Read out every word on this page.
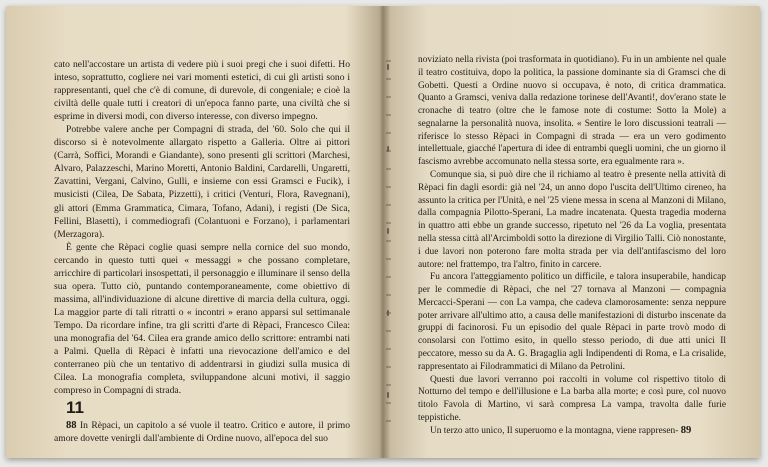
cato nell'accostare un artista di vedere più i suoi pregi che i suoi difetti. Ho inteso, soprattutto, cogliere nei vari momenti estetici, di cui gli artisti sono i rappresentanti, quel che c'è di comune, di durevole, di congeniale; e cioè la civiltà delle quale tutti i creatori di un'epoca fanno parte, una civiltà che si esprime in diversi modi, con diverso interesse, con diverso impegno.

Potrebbe valere anche per Compagni di strada, del '60. Solo che qui il discorso si è notevolmente allargato rispetto a Galleria. Oltre ai pittori (Carrà, Soffici, Morandi e Giandante), sono presenti gli scrittori (Marchesi, Alvaro, Palazzeschi, Marino Moretti, Antonio Baldini, Cardarelli, Ungaretti, Zavattini, Vergani, Calvino, Gulli, e insieme con essi Gramsci e Fucik), i musicisti (Cilea, De Sabata, Pizzetti), i critici (Venturi, Flora, Ravegnani), gli attori (Emma Grammatica, Cimara, Tofano, Adani), i registi (De Sica, Fellini, Blasetti), i commediografi (Colantuoni e Forzano), i parlamentari (Merzagora).

È gente che Rèpaci coglie quasi sempre nella cornice del suo mondo, cercando in questo tutti quei « messaggi » che possano completare, arricchire di particolari insospettati, il personaggio e illuminare il senso della sua opera. Tutto ciò, puntando contemporaneamente, come obiettivo di massima, all'individuazione di alcune direttive di marcia della cultura, oggi. La maggior parte di tali ritratti o « incontri » erano apparsi sul settimanale Tempo. Da ricordare infine, tra gli scritti d'arte di Rèpaci, Francesco Cilea: una monografia del '64. Cilea era grande amico dello scrittore: entrambi nati a Palmi. Quella di Rèpaci è infatti una rievocazione dell'amico e del conterraneo più che un tentativo di addentrarsi in giudizi sulla musica di Cilea. La monografia completa, sviluppandone alcuni motivi, il saggio compreso in Compagni di strada.

11

88 In Rèpaci, un capitolo a sé vuole il teatro. Critico e autore, il primo amore dovette venirgli dall'ambiente di Ordine nuovo, all'epoca del suo

noviziato nella rivista (poi trasformata in quotidiano). Fu in un ambiente nel quale il teatro costituiva, dopo la politica, la passione dominante sia di Gramsci che di Gobetti. Questi a Ordine nuovo si occupava, è noto, di critica drammatica. Quanto a Gramsci, veniva dalla redazione torinese dell'Avanti!, dov'erano state le cronache di teatro (oltre che le famose note di costume: Sotto la Mole) a segnalarne la personalità nuova, insolita. « Sentire le loro discussioni teatrali — riferisce lo stesso Rèpaci in Compagni di strada — era un vero godimento intellettuale, giacché l'apertura di idee di entrambi quegli uomini, che un giorno il fascismo avrebbe accomunato nella stessa sorte, era egualmente rara ».

Comunque sia, si può dire che il richiamo al teatro è presente nella attività di Rèpaci fin dagli esordi: già nel '24, un anno dopo l'uscita dell'Ultimo cireneo, ha assunto la critica per l'Unità, e nel '25 viene messa in scena al Manzoni di Milano, dalla compagnia Pilotto-Sperani, La madre incatenata. Questa tragedia moderna in quattro atti ebbe un grande successo, ripetuto nel '26 da La voglia, presentata nella stessa città all'Arcimboldi sotto la direzione di Virgilio Talli. Ciò nonostante, i due lavori non poterono fare molta strada per via dell'antifascismo del loro autore: nel frattempo, tra l'altro, finito in carcere.

Fu ancora l'atteggiamento politico un difficile, e talora insuperabile, handicap per le commedie di Rèpaci, che nel '27 tornava al Manzoni — compagnia Mercacci-Sperani — con La vampa, che cadeva clamorosamente: senza neppure poter arrivare all'ultimo atto, a causa delle manifestazioni di disturbo inscenate da gruppi di facinorosi. Fu un episodio del quale Rèpaci in parte trovò modo di consolarsi con l'ottimo esito, in quello stesso periodo, di due atti unici Il peccatore, messo su da A. G. Bragaglia agli Indipendenti di Roma, e La crisalide, rappresentato ai Filodrammatici di Milano da Petrolini.

Questi due lavori verranno poi raccolti in volume col rispettivo titolo di Notturno del tempo e dell'illusione e La barba alla morte; e così pure, col nuovo titolo Favola di Martino, vi sarà compresa La vampa, travolta dalle furie teppistiche.

Un terzo atto unico, Il superuomo e la montagna, viene rappresen- 89
